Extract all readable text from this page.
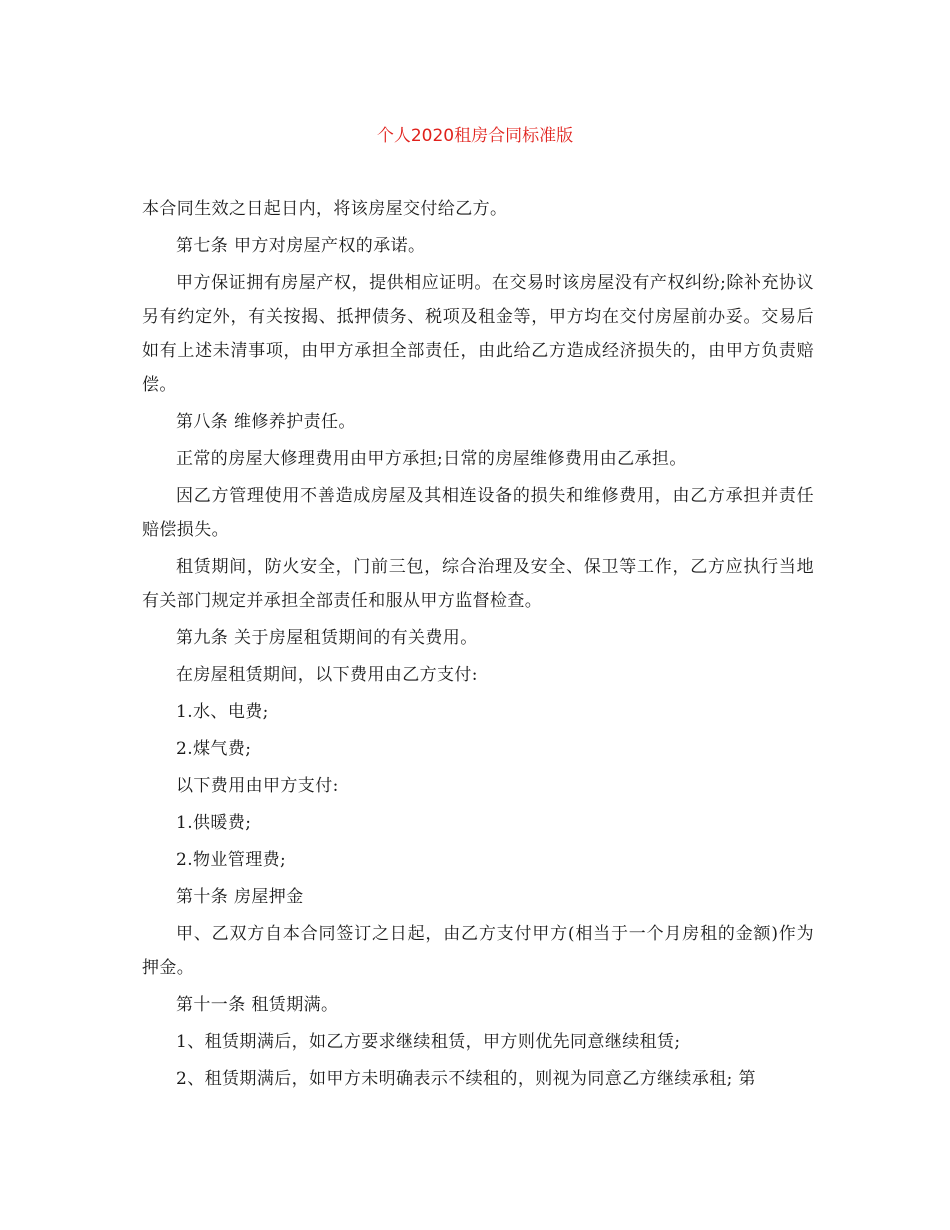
个人2020租房合同标准版

本合同生效之日起日内，将该房屋交付给乙方。

第七条 甲方对房屋产权的承诺。

甲方保证拥有房屋产权，提供相应证明。在交易时该房屋没有产权纠纷;除补充协议另有约定外，有关按揭、抵押债务、税项及租金等，甲方均在交付房屋前办妥。交易后如有上述未清事项，由甲方承担全部责任，由此给乙方造成经济损失的，由甲方负责赔偿。

第八条 维修养护责任。

正常的房屋大修理费用由甲方承担;日常的房屋维修费用由乙承担。

因乙方管理使用不善造成房屋及其相连设备的损失和维修费用，由乙方承担并责任赔偿损失。

租赁期间，防火安全，门前三包，综合治理及安全、保卫等工作，乙方应执行当地有关部门规定并承担全部责任和服从甲方监督检查。

第九条 关于房屋租赁期间的有关费用。

在房屋租赁期间，以下费用由乙方支付:

1.水、电费;

2.煤气费;

以下费用由甲方支付:

1.供暖费;

2.物业管理费;

第十条 房屋押金

甲、乙双方自本合同签订之日起，由乙方支付甲方(相当于一个月房租的金额)作为押金。

第十一条 租赁期满。

1、租赁期满后，如乙方要求继续租赁，甲方则优先同意继续租赁;

2、租赁期满后，如甲方未明确表示不续租的，则视为同意乙方继续承租; 第
